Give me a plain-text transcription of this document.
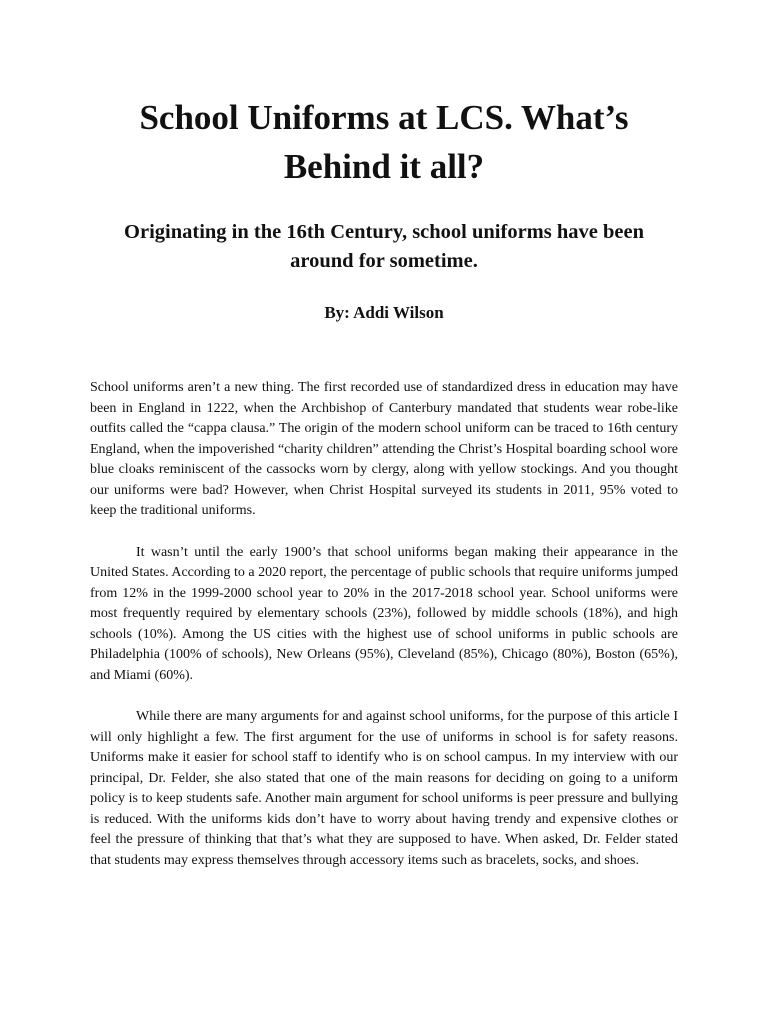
School Uniforms at LCS. What’s Behind it all?
Originating in the 16th Century, school uniforms have been around for sometime.

By: Addi Wilson

School uniforms aren’t a new thing. The first recorded use of standardized dress in education may have been in England in 1222, when the Archbishop of Canterbury mandated that students wear robe-like outfits called the “cappa clausa.” The origin of the modern school uniform can be traced to 16th century England, when the impoverished “charity children” attending the Christ’s Hospital boarding school wore blue cloaks reminiscent of the cassocks worn by clergy, along with yellow stockings. And you thought our uniforms were bad? However, when Christ Hospital surveyed its students in 2011, 95% voted to keep the traditional uniforms.

It wasn’t until the early 1900’s that school uniforms began making their appearance in the United States. According to a 2020 report, the percentage of public schools that require uniforms jumped from 12% in the 1999-2000 school year to 20% in the 2017-2018 school year. School uniforms were most frequently required by elementary schools (23%), followed by middle schools (18%), and high schools (10%). Among the US cities with the highest use of school uniforms in public schools are Philadelphia (100% of schools), New Orleans (95%), Cleveland (85%), Chicago (80%), Boston (65%), and Miami (60%).

While there are many arguments for and against school uniforms, for the purpose of this article I will only highlight a few. The first argument for the use of uniforms in school is for safety reasons. Uniforms make it easier for school staff to identify who is on school campus. In my interview with our principal, Dr. Felder, she also stated that one of the main reasons for deciding on going to a uniform policy is to keep students safe. Another main argument for school uniforms is peer pressure and bullying is reduced. With the uniforms kids don’t have to worry about having trendy and expensive clothes or feel the pressure of thinking that that’s what they are supposed to have. When asked, Dr. Felder stated that students may express themselves through accessory items such as bracelets, socks, and shoes.
